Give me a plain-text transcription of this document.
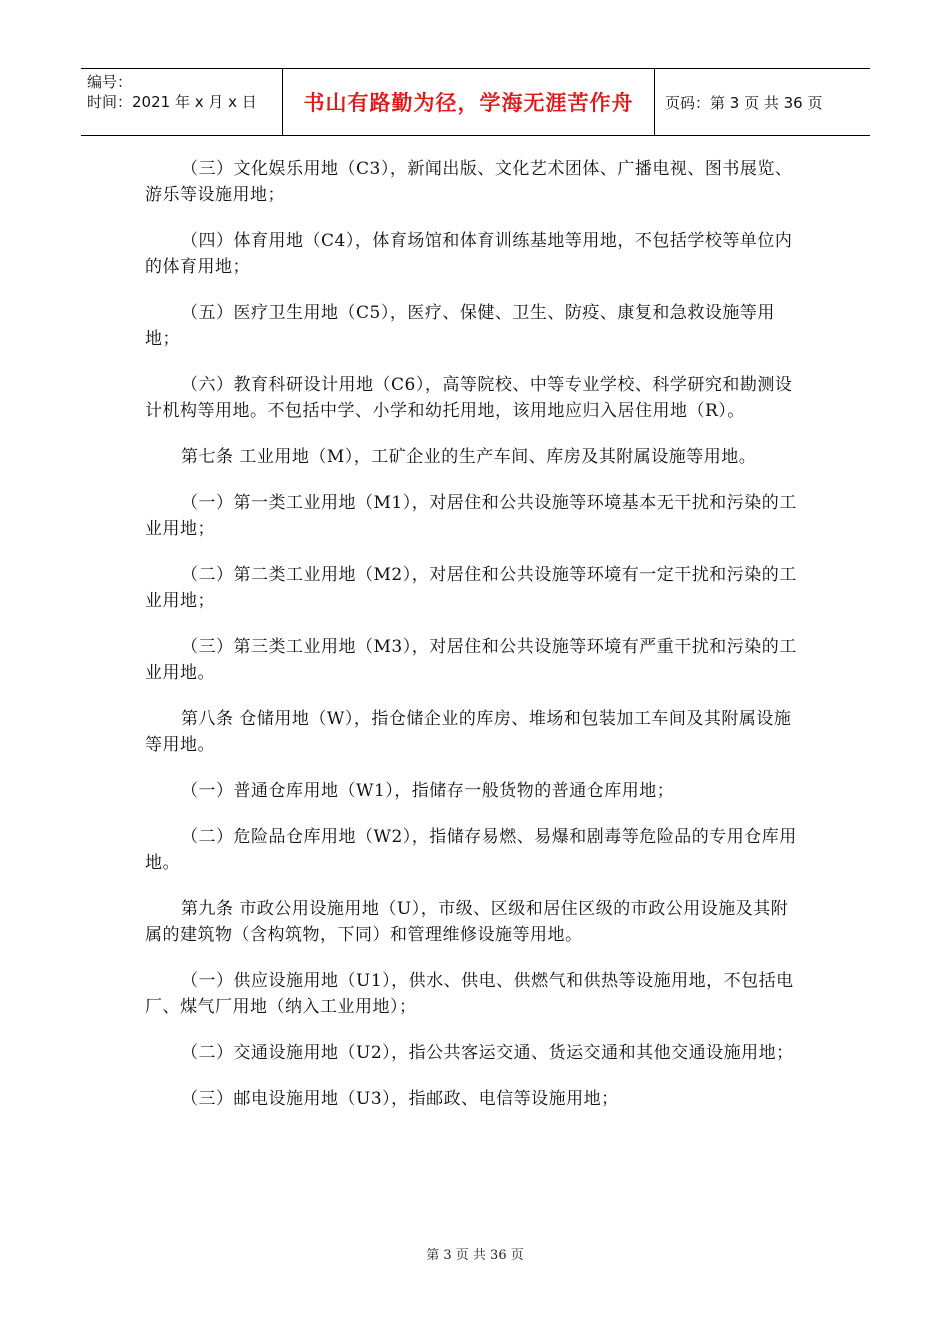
编号：
时间：2021 年 x 月 x 日	书山有路勤为径，学海无涯苦作舟	页码：第 3 页 共 36 页

（三）文化娱乐用地（C3），新闻出版、文化艺术团体、广播电视、图书展览、游乐等设施用地；

（四）体育用地（C4），体育场馆和体育训练基地等用地，不包括学校等单位内的体育用地；

（五）医疗卫生用地（C5），医疗、保健、卫生、防疫、康复和急救设施等用地；

（六）教育科研设计用地（C6），高等院校、中等专业学校、科学研究和勘测设计机构等用地。不包括中学、小学和幼托用地，该用地应归入居住用地（R）。

第七条 工业用地（M），工矿企业的生产车间、库房及其附属设施等用地。

（一）第一类工业用地（M1），对居住和公共设施等环境基本无干扰和污染的工业用地；

（二）第二类工业用地（M2），对居住和公共设施等环境有一定干扰和污染的工业用地；

（三）第三类工业用地（M3），对居住和公共设施等环境有严重干扰和污染的工业用地。

第八条 仓储用地（W），指仓储企业的库房、堆场和包装加工车间及其附属设施等用地。

（一）普通仓库用地（W1），指储存一般货物的普通仓库用地；

（二）危险品仓库用地（W2），指储存易燃、易爆和剧毒等危险品的专用仓库用地。

第九条 市政公用设施用地（U），市级、区级和居住区级的市政公用设施及其附属的建筑物（含构筑物，下同）和管理维修设施等用地。

（一）供应设施用地（U1），供水、供电、供燃气和供热等设施用地，不包括电厂、煤气厂用地（纳入工业用地）；

（二）交通设施用地（U2），指公共客运交通、货运交通和其他交通设施用地；

（三）邮电设施用地（U3），指邮政、电信等设施用地；

第 3 页 共 36 页
